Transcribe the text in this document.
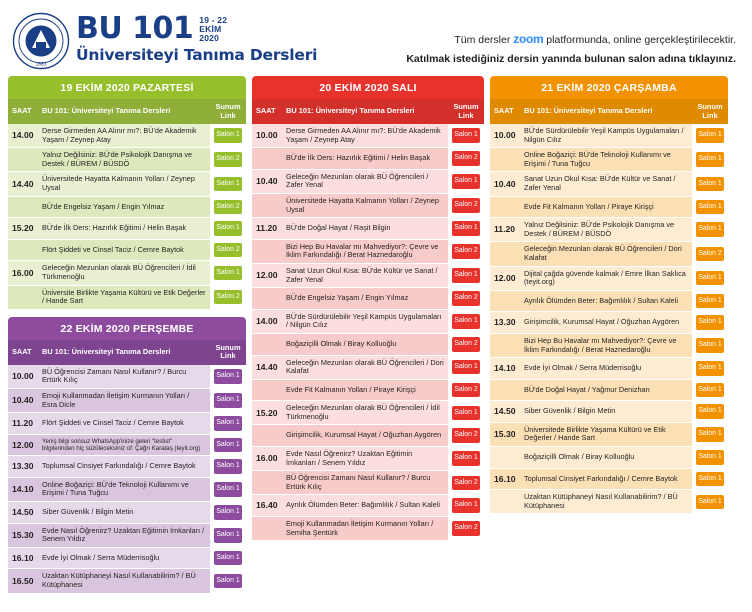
1883
BU 101 19 - 22
EKİM
2020
Üniversiteyi Tanıma Dersleri
Tüm dersler zoom platformunda, online gerçekleştirilecektir.
Katılmak istediğiniz dersin yanında bulunan salon adına tıklayınız.
19 EKİM 2020 PAZARTESİ
SAAT	BU 101: Üniversiteyi Tanıma Dersleri	Sunum Link
14.00	Derse Girmeden AA Alınır mı?: BÜ'de Akademik Yaşam / Zeynep Atay	Salon 1

	Yalnız Değilsiniz: BÜ'de Psikolojik Danışma ve Destek / BÜREM / BÜSDÖ	Salon 2

14.40	Üniversitede Hayatta Kalmanın Yolları / Zeynep Uysal	Salon 1

	BÜ'de Engelsiz Yaşam / Engin Yılmaz	Salon 2

15.20	BÜ'de İlk Ders: Hazırlık Eğitimi / Helin Başak	Salon 1

	Flört Şiddeti ve Cinsel Taciz / Cemre Baytok	Salon 2

16.00	Geleceğin Mezunları olarak BÜ Öğrencileri / İdil Türkmenoğlu	Salon 1

	Üniversite Birlikte Yaşama Kültürü ve Etik Değerler / Hande Sart	Salon 2
22 EKİM 2020 PERŞEMBE
SAAT	BU 101: Üniversiteyi Tanıma Dersleri	Sunum Link
10.00	BÜ Öğrencisi Zamanı Nasıl Kullanır? / Burcu Ertürk Kılıç	Salon 1

10.40	Emoji Kullanmadan İletişim Kurmanın Yolları / Esra Dicle	Salon 1

11.20	Flört Şiddeti ve Cinsel Taciz / Cemre Baytok	Salon 1

12.00	Yeniş bilgi sonsuz WhatsApp'inize gelen "testist" bilgilerinden hiç süzüleceksiniz of: Çağrı Karataş (teyit.org)	Salon 1

13.30	Toplumsal Cinsiyet Farkındalığı / Cemre Baytok	Salon 1

14.10	Online Boğaziçi: BÜ'de Teknoloji Kullanımı ve Erişimi / Tuna Tuğcu	Salon 1

14.50	Siber Güvenlik / Bilgin Metin	Salon 1

15.30	Evde Nasıl Öğrenirz? Uzaktan Eğitimin İmkanları / Senem Yıldız	Salon 1

16.10	Evde İyi Olmak / Serra Müderrisoğlu	Salon 1

16.50	Uzaktan Kütüphaneyi Nasıl Kullanabilirim? / BÜ Kütüphanesi	Salon 1
20 EKİM 2020 SALI
SAAT	BU 101: Üniversiteyi Tanıma Dersleri	Sunum Link
10.00	Derse Girmeden AA Alınır mı?: BÜ'de Akademik Yaşam / Zeynep Atay	Salon 1

	BÜ'de İlk Ders: Hazırlık Eğitimi / Helin Başak	Salon 2

10.40	Geleceğin Mezunları olarak BÜ Öğrencileri / Zafer Yenal	Salon 1

	Üniversitede Hayatta Kalmanın Yolları / Zeynep Uysal	Salon 2

11.20	BÜ'de Doğal Hayat / Raşit Bilgin	Salon 1

	Bizi Hep Bu Havalar mı Mahvediyor?: Çevre ve İklim Farkındalığı / Berat Haznedaroğlu	Salon 2

12.00	Sanat Uzun Okul Kısa: BÜ'de Kültür ve Sanat / Zafer Yenal	Salon 1

	BÜ'de Engelsiz Yaşam / Engin Yılmaz	Salon 2

14.00	BÜ'de Sürdürülebilir Yeşil Kampüs Uygulamaları / Nilgün Cılız	Salon 1

	Boğaziçilli Olmak / Biray Kolluoğlu	Salon 2

14.40	Geleceğin Mezunları olarak BÜ Öğrencileri / Dori Kalafat	Salon 1

	Evde Fit Kalmanın Yolları / Piraye Kirişçi	Salon 2

15.20	Geleceğin Mezunları olarak BÜ Öğrencileri / İdil Türkmenoğlu	Salon 1

	Girişimcilik, Kurumsal Hayat / Oğuzhan Aygören	Salon 2

16.00	Evde Nasıl Öğrenirz? Uzaktan Eğitimin İmkanları / Senem Yıldız	Salon 1

	BÜ Öğrencisi Zamanı Nasıl Kullanır? / Burcu Ertürk Kılıç	Salon 2

16.40	Ayrılık Ölümden Beter: Bağımlılık / Sultan Kaleli	Salon 1

	Emoji Kullanmadan İletişim Kurmanın Yolları / Semiha Şentürk	Salon 2
21 EKİM 2020 ÇARŞAMBA
SAAT	BU 101: Üniversiteyi Tanıma Dersleri	Sunum Link
10.00	BÜ'de Sürdürülebilir Yeşil Kampüs Uygulamaları / Nilgün Cılız	Salon 1

	Online Boğaziçi: BÜ'de Teknoloji Kullanımı ve Erişimi / Tuna Tuğcu	Salon 1

10.40	Sanat Uzun Okul Kısa: BÜ'de Kültür ve Sanat / Zafer Yenal	Salon 1

	Evde Fit Kalmanın Yolları / Piraye Kirişçi	Salon 1

11.20	Yalnız Değilsiniz: BÜ'de Psikolojik Danışma ve Destek / BÜREM / BÜSDÖ	Salon 1

	Geleceğin Mezunları olarak BÜ Öğrencileri / Dori Kalafat	Salon 2

12.00	Dijital çağda güvende kalmak / Emre İlkan Saklıca (teyit.org)	Salon 1

	Ayrılık Ölümden Beter: Bağımlılık / Sultan Kaleli	Salon 1

13.30	Girişimcilik, Kurumsal Hayat / Oğuzhan Aygören	Salon 1

	Bizi Hep Bu Havalar mı Mahvediyor?: Çevre ve İklim Farkındalığı / Berat Haznedaroğlu	Salon 1

14.10	Evde İyi Olmak / Serra Müderrisoğlu	Salon 1

	BÜ'de Doğal Hayat / Yağmur Denizhan	Salon 1

14.50	Siber Güvenlik / Bilgin Metin	Salon 1

15.30	Üniversitede Birlikte Yaşama Kültürü ve Etik Değerler / Hande Sart	Salon 1

	Boğaziçilli Olmak / Biray Kolluoğlu	Salon 1

16.10	Toplumsal Cinsiyet Farkındalığı / Cemre Baytok	Salon 1

	Uzaktan Kütüphaneyi Nasıl Kullanabilirim? / BÜ Kütüphanesi	Salon 1
